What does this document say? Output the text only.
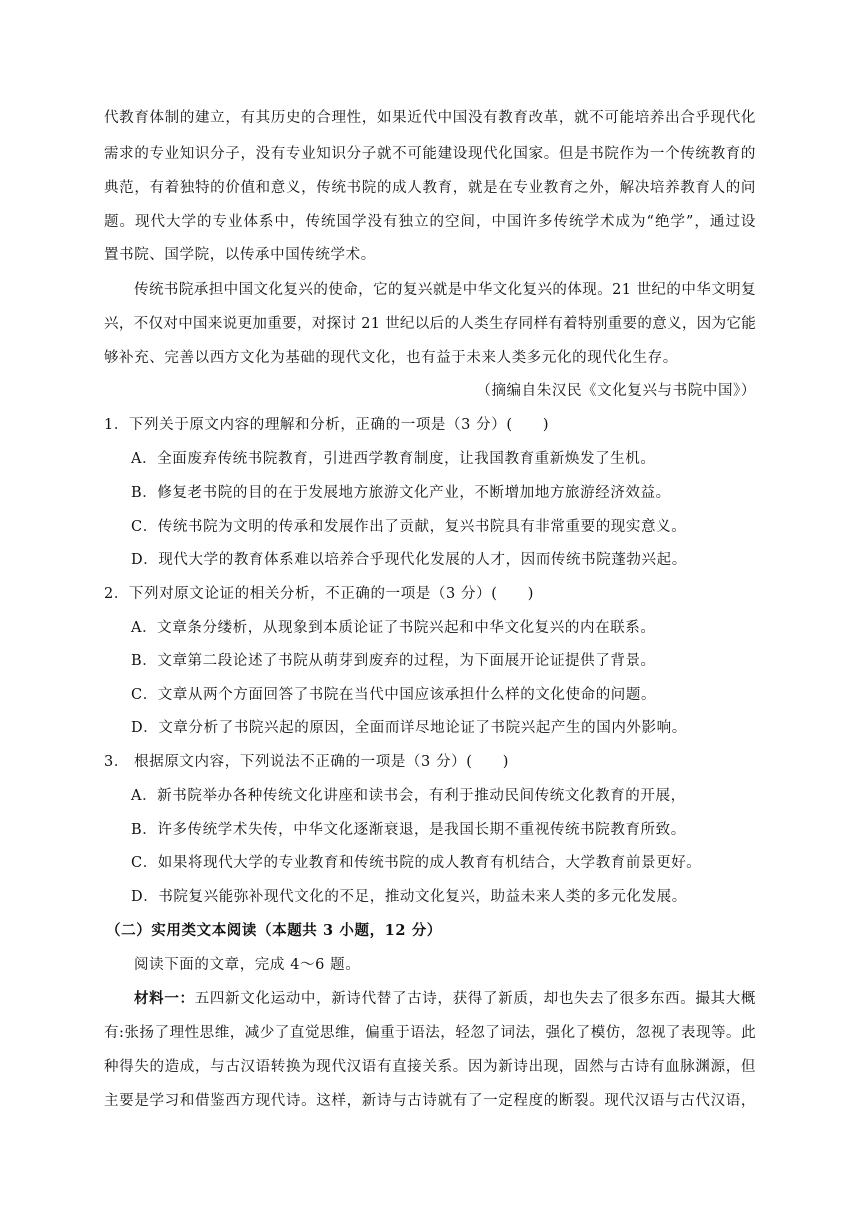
代教育体制的建立，有其历史的合理性，如果近代中国没有教育改革，就不可能培养出合乎现代化
需求的专业知识分子，没有专业知识分子就不可能建设现代化国家。但是书院作为一个传统教育的
典范，有着独特的价值和意义，传统书院的成人教育，就是在专业教育之外，解决培养教育人的问
题。现代大学的专业体系中，传统国学没有独立的空间，中国许多传统学术成为“绝学”，通过设
置书院、国学院，以传承中国传统学术。
传统书院承担中国文化复兴的使命，它的复兴就是中华文化复兴的体现。21 世纪的中华文明复
兴，不仅对中国来说更加重要，对探讨 21 世纪以后的人类生存同样有着特别重要的意义，因为它能
够补充、完善以西方文化为基础的现代文化，也有益于未来人类多元化的现代化生存。
（摘编自朱汉民《文化复兴与书院中国》）
1．下列关于原文内容的理解和分析，正确的一项是（3 分）(　　)
A．全面废弃传统书院教育，引进西学教育制度，让我国教育重新焕发了生机。
B．修复老书院的目的在于发展地方旅游文化产业，不断增加地方旅游经济效益。
C．传统书院为文明的传承和发展作出了贡献，复兴书院具有非常重要的现实意义。
D．现代大学的教育体系难以培养合乎现代化发展的人才，因而传统书院蓬勃兴起。
2．下列对原文论证的相关分析，不正确的一项是（3 分）(　　)
A．文章条分缕析，从现象到本质论证了书院兴起和中华文化复兴的内在联系。
B．文章第二段论述了书院从萌芽到废弃的过程，为下面展开论证提供了背景。
C．文章从两个方面回答了书院在当代中国应该承担什么样的文化使命的问题。
D．文章分析了书院兴起的原因，全面而详尽地论证了书院兴起产生的国内外影响。
3． 根据原文内容，下列说法不正确的一项是（3 分）(　　)
A．新书院举办各种传统文化讲座和读书会，有利于推动民间传统文化教育的开展，
B．许多传统学术失传，中华文化逐渐衰退，是我国长期不重视传统书院教育所致。
C．如果将现代大学的专业教育和传统书院的成人教育有机结合，大学教育前景更好。
D．书院复兴能弥补现代文化的不足，推动文化复兴，助益未来人类的多元化发展。
（二）实用类文本阅读（本题共 3 小题，12 分）
阅读下面的文章，完成 4～6 题。
材料一：五四新文化运动中，新诗代替了古诗，获得了新质，却也失去了很多东西。撮其大概
有:张扬了理性思维，减少了直觉思维，偏重于语法，轻忽了词法，强化了模仿，忽视了表现等。此
种得失的造成，与古汉语转换为现代汉语有直接关系。因为新诗出现，固然与古诗有血脉渊源，但
主要是学习和借鉴西方现代诗。这样，新诗与古诗就有了一定程度的断裂。现代汉语与古代汉语，
